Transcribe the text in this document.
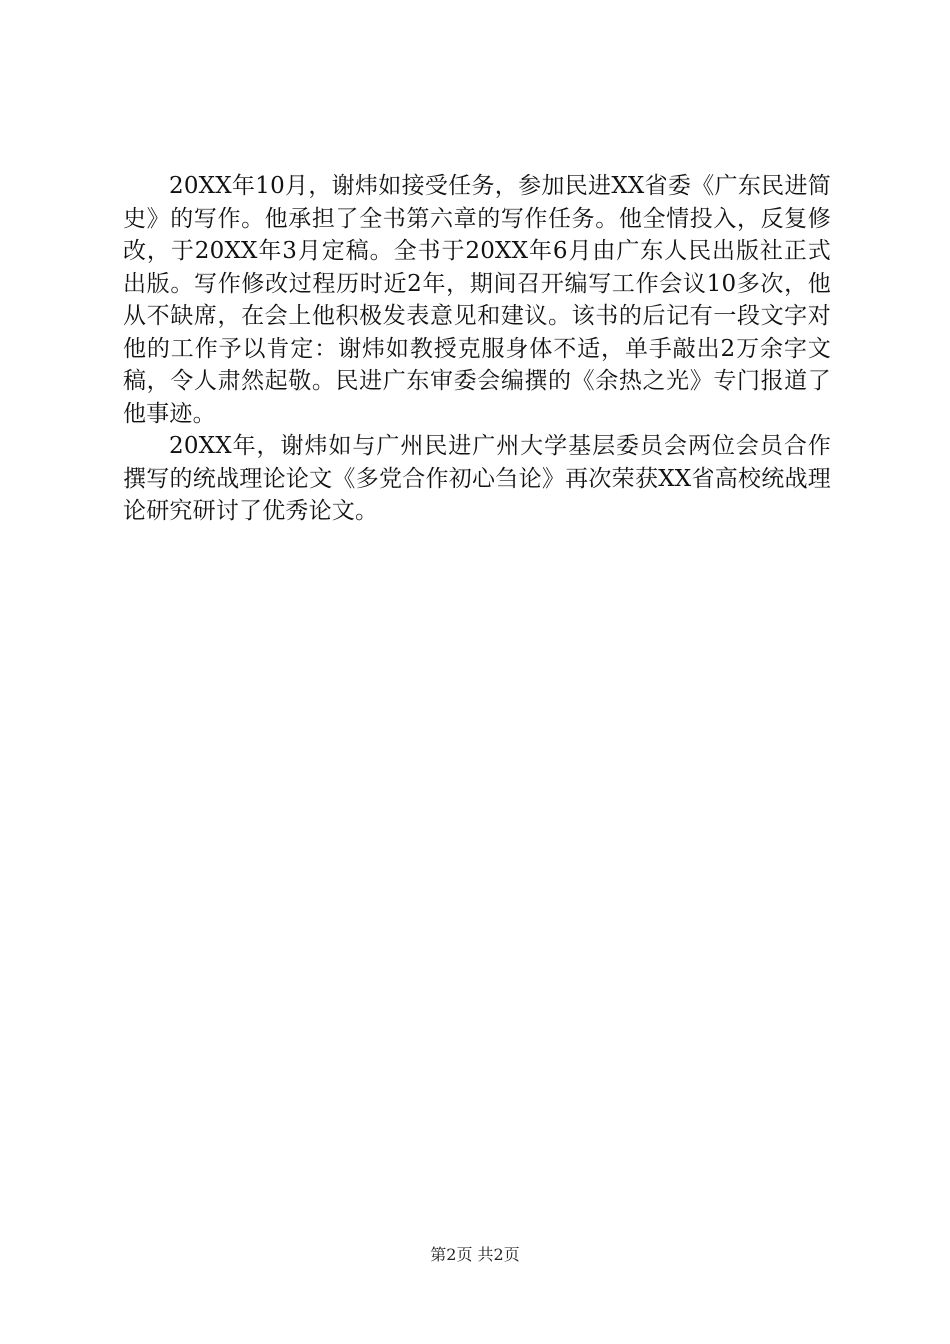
20XX年10月，谢炜如接受任务，参加民进XX省委《广东民进简史》的写作。他承担了全书第六章的写作任务。他全情投入，反复修改，于20XX年3月定稿。全书于20XX年6月由广东人民出版社正式出版。写作修改过程历时近2年，期间召开编写工作会议10多次，他从不缺席，在会上他积极发表意见和建议。该书的后记有一段文字对他的工作予以肯定：谢炜如教授克服身体不适，单手敲出2万余字文稿，令人肃然起敬。民进广东审委会编撰的《余热之光》专门报道了他事迹。

20XX年，谢炜如与广州民进广州大学基层委员会两位会员合作撰写的统战理论论文《多党合作初心刍论》再次荣获XX省高校统战理论研究研讨了优秀论文。

第2页 共2页
